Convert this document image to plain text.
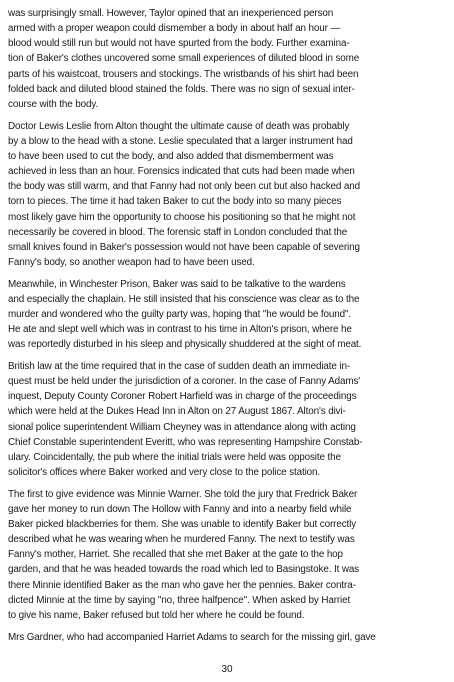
was surprisingly small. However, Taylor opined that an inexperienced person
armed with a proper weapon could dismember a body in about half an hour —
blood would still run but would not have spurted from the body. Further examina-
tion of Baker's clothes uncovered some small experiences of diluted blood in some
parts of his waistcoat, trousers and stockings. The wristbands of his shirt had been
folded back and diluted blood stained the folds. There was no sign of sexual inter-
course with the body.

Doctor Lewis Leslie from Alton thought the ultimate cause of death was probably
by a blow to the head with a stone. Leslie speculated that a larger instrument had
to have been used to cut the body, and also added that dismemberment was
achieved in less than an hour. Forensics indicated that cuts had been made when
the body was still warm, and that Fanny had not only been cut but also hacked and
torn to pieces. The time it had taken Baker to cut the body into so many pieces
most likely gave him the opportunity to choose his positioning so that he might not
necessarily be covered in blood. The forensic staff in London concluded that the
small knives found in Baker's possession would not have been capable of severing
Fanny's body, so another weapon had to have been used.

Meanwhile, in Winchester Prison, Baker was said to be talkative to the wardens
and especially the chaplain. He still insisted that his conscience was clear as to the
murder and wondered who the guilty party was, hoping that "he would be found".
He ate and slept well which was in contrast to his time in Alton's prison, where he
was reportedly disturbed in his sleep and physically shuddered at the sight of meat.

British law at the time required that in the case of sudden death an immediate in-
quest must be held under the jurisdiction of a coroner. In the case of Fanny Adams'
inquest, Deputy County Coroner Robert Harfield was in charge of the proceedings
which were held at the Dukes Head Inn in Alton on 27 August 1867. Alton's divi-
sional police superintendent William Cheyney was in attendance along with acting
Chief Constable superintendent Everitt, who was representing Hampshire Constab-
ulary. Coincidentally, the pub where the initial trials were held was opposite the
solicitor's offices where Baker worked and very close to the police station.

The first to give evidence was Minnie Warner. She told the jury that Fredrick Baker
gave her money to run down The Hollow with Fanny and into a nearby field while
Baker picked blackberries for them. She was unable to identify Baker but correctly
described what he was wearing when he murdered Fanny. The next to testify was
Fanny's mother, Harriet. She recalled that she met Baker at the gate to the hop
garden, and that he was headed towards the road which led to Basingstoke. It was
there Minnie identified Baker as the man who gave her the pennies. Baker contra-
dicted Minnie at the time by saying "no, three halfpence". When asked by Harriet
to give his name, Baker refused but told her where he could be found.

Mrs Gardner, who had accompanied Harriet Adams to search for the missing girl, gave

30
